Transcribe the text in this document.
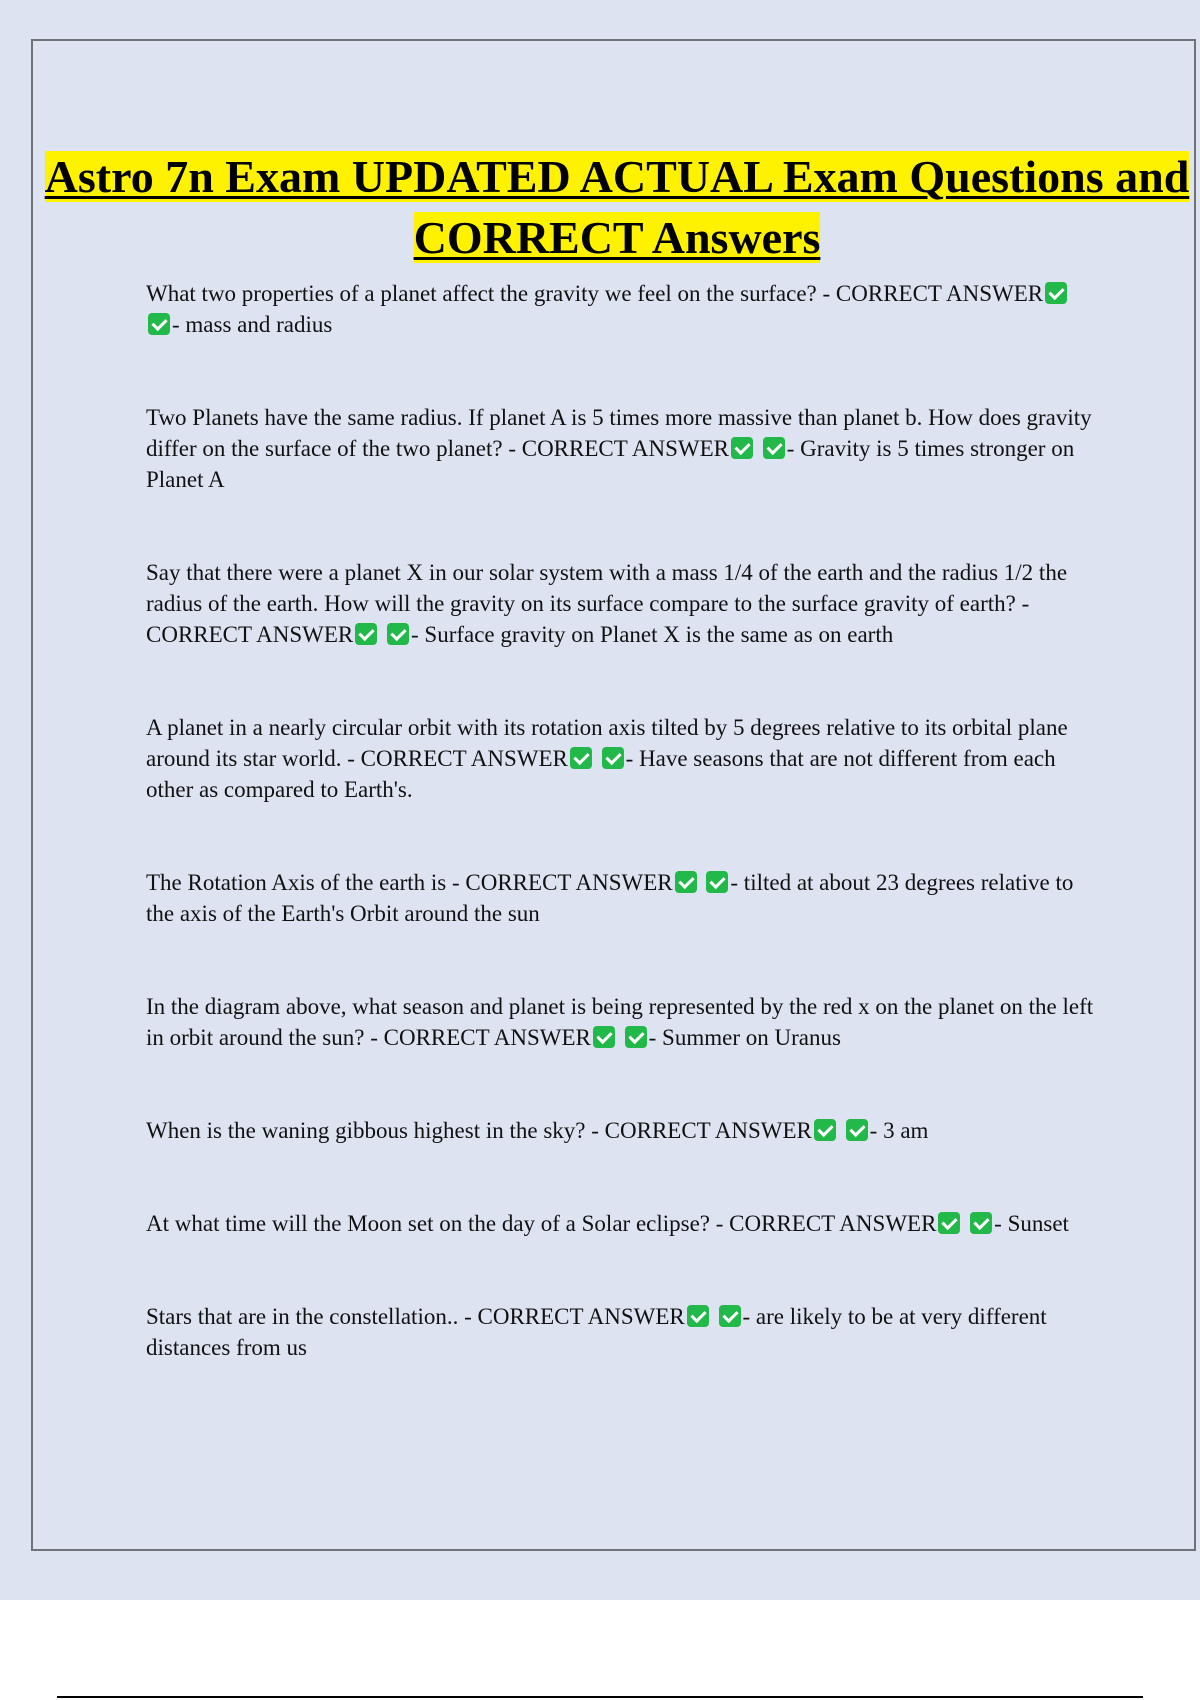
Astro 7n Exam UPDATED ACTUAL Exam Questions and CORRECT Answers

What two properties of a planet affect the gravity we feel on the surface? - CORRECT ANSWER - mass and radius

Two Planets have the same radius. If planet A is 5 times more massive than planet b. How does gravity differ on the surface of the two planet? - CORRECT ANSWER	- Gravity is 5 times stronger on Planet A

Say that there were a planet X in our solar system with a mass 1/4 of the earth and the radius 1/2 the radius of the earth. How will the gravity on its surface compare to the surface gravity of earth? - CORRECT ANSWER	- Surface gravity on Planet X is the same as on earth

A planet in a nearly circular orbit with its rotation axis tilted by 5 degrees relative to its orbital plane around its star world. - CORRECT ANSWER	- Have seasons that are not different from each other as compared to Earth's.

The Rotation Axis of the earth is - CORRECT ANSWER	- tilted at about 23 degrees relative to the axis of the Earth's Orbit around the sun

In the diagram above, what season and planet is being represented by the red x on the planet on the left in orbit around the sun? - CORRECT ANSWER	- Summer on Uranus

When is the waning gibbous highest in the sky? - CORRECT ANSWER	- 3 am

At what time will the Moon set on the day of a Solar eclipse? - CORRECT ANSWER	- Sunset

Stars that are in the constellation.. - CORRECT ANSWER	- are likely to be at very different distances from us
